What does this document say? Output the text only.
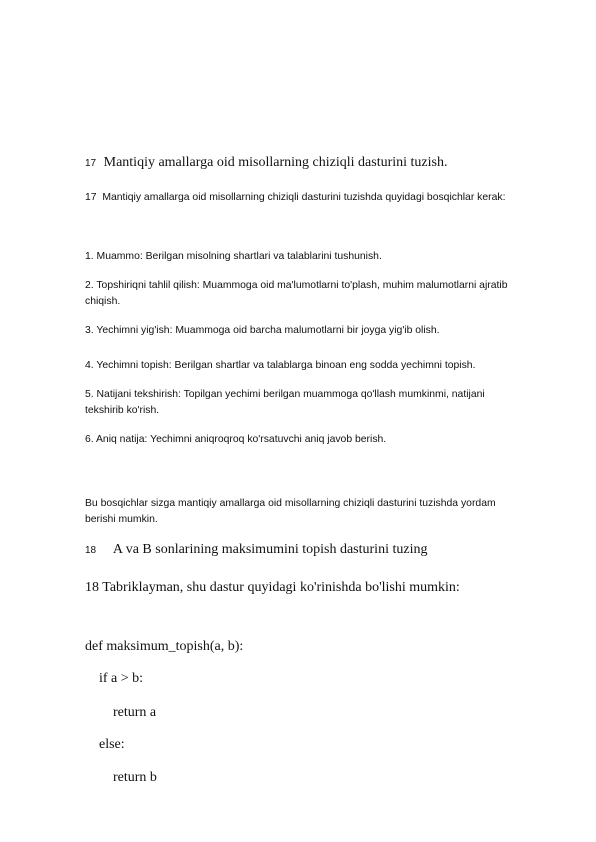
17 Mantiqiy amallarga oid misollarning chiziqli dasturini tuzish.
17 Mantiqiy amallarga oid misollarning chiziqli dasturini tuzishda quyidagi bosqichlar kerak:

1. Muammo: Berilgan misolning shartlari va talablarini tushunish.

2. Topshiriqni tahlil qilish: Muammoga oid ma'lumotlarni to'plash, muhim malumotlarni ajratib chiqish.

3. Yechimni yig'ish: Muammoga oid barcha malumotlarni bir joyga yig'ib olish.

4. Yechimni topish: Berilgan shartlar va talablarga binoan eng sodda yechimni topish.

5. Natijani tekshirish: Topilgan yechimi berilgan muammoga qo'llash mumkinmi, natijani tekshirib ko'rish.

6. Aniq natija: Yechimni aniqroqroq ko'rsatuvchi aniq javob berish.

Bu bosqichlar sizga mantiqiy amallarga oid misollarning chiziqli dasturini tuzishda yordam berishi mumkin.

18 A va B sonlarining maksimumini topish dasturini tuzing
18 Tabriklayman, shu dastur quyidagi ko'rinishda bo'lishi mumkin:
def maksimum_topish(a, b):
if a > b:
return a
else:
return b
